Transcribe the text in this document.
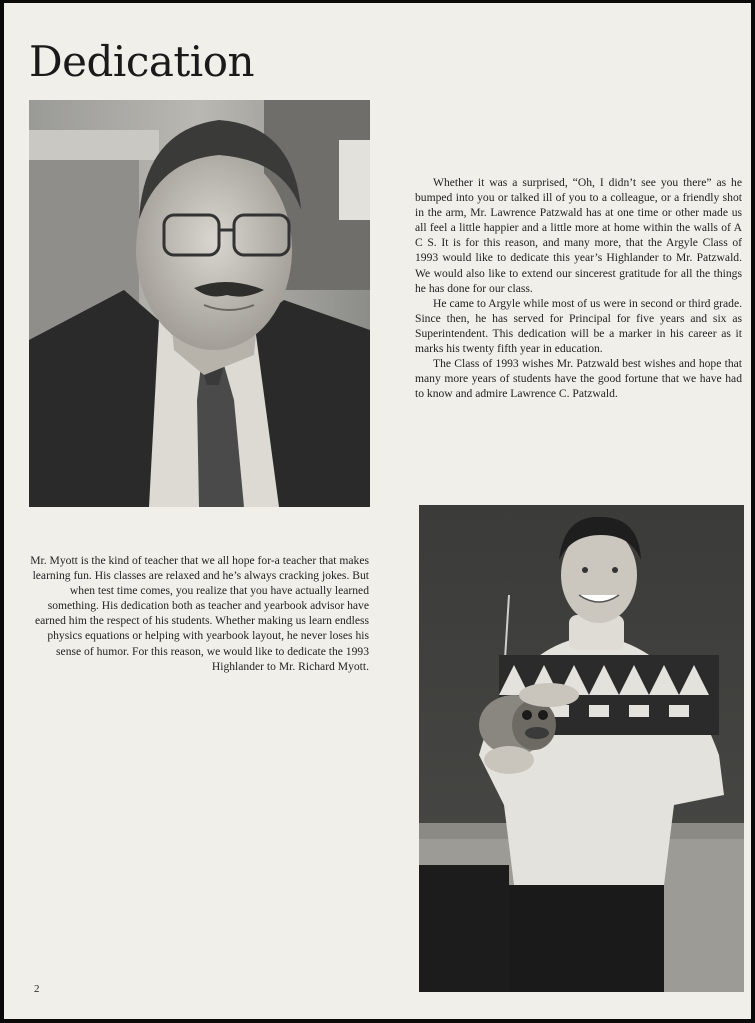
Dedication

Whether it was a surprised, “Oh, I didn’t see you there” as he bumped into you or talked ill of you to a colleague, or a friendly shot in the arm, Mr. Lawrence Patzwald has at one time or other made us all feel a little happier and a little more at home within the walls of A C S. It is for this reason, and many more, that the Argyle Class of 1993 would like to dedicate this year’s Highlander to Mr. Patzwald. We would also like to extend our sincerest gratitude for all the things he has done for our class.

He came to Argyle while most of us were in second or third grade. Since then, he has served for Principal for five years and six as Superintendent. This dedication will be a marker in his career as it marks his twenty fifth year in education.

The Class of 1993 wishes Mr. Patzwald best wishes and hope that many more years of students have the good fortune that we have had to know and admire Lawrence C. Patzwald.

Mr. Myott is the kind of teacher that we all hope for-a teacher that makes learning fun. His classes are relaxed and he’s always cracking jokes. But when test time comes, you realize that you have actually learned something. His dedication both as teacher and yearbook advisor have earned him the respect of his students. Whether making us learn endless physics equations or helping with yearbook layout, he never loses his sense of humor. For this reason, we would like to dedicate the 1993 Highlander to Mr. Richard Myott.

2
